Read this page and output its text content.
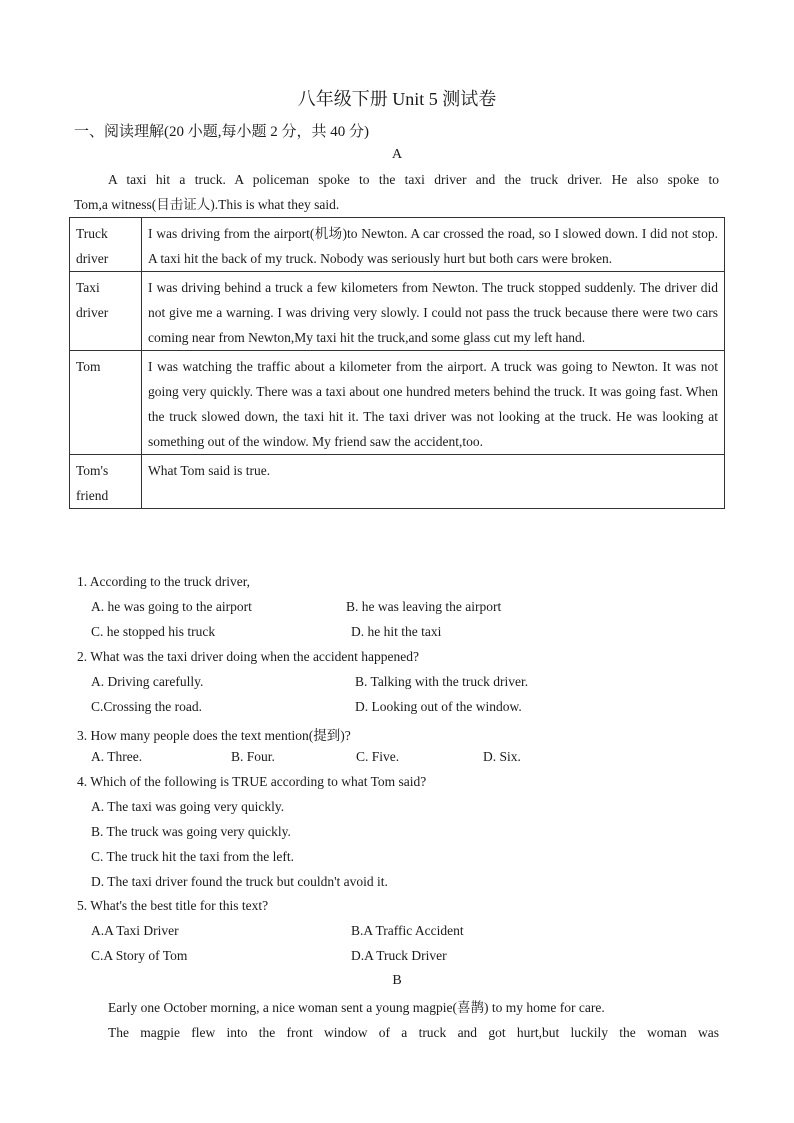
八年级下册 Unit 5 测试卷
一、阅读理解(20 小题,每小题 2 分，共 40 分)
A
A taxi hit a truck. A policeman spoke to the taxi driver and the truck driver. He also spoke to
Tom,a witness(目击证人).This is what they said.
Truck
driver	I was driving from the airport(机场)to Newton. A car crossed the road, so I slowed down. I did not stop. A taxi hit the back of my truck. Nobody was seriously hurt but both cars were broken.
Taxi
driver	I was driving behind a truck a few kilometers from Newton. The truck stopped suddenly. The driver did not give me a warning. I was driving very slowly. I could not pass the truck because there were two cars coming near from Newton,My taxi hit the truck,and some glass cut my left hand.
Tom	I was watching the traffic about a kilometer from the airport. A truck was going to Newton. It was not going very quickly. There was a taxi about one hundred meters behind the truck. It was going fast. When the truck slowed down, the taxi hit it. The taxi driver was not looking at the truck. He was looking at something out of the window. My friend saw the accident,too.
Tom's
friend	What Tom said is true.
1. According to the truck driver,
A. he was going to the airport	B. he was leaving the airport
C. he stopped his truck	D. he hit the taxi
2. What was the taxi driver doing when the accident happened?
A. Driving carefully.	B. Talking with the truck driver.
C.Crossing the road.	D. Looking out of the window.
3. How many people does the text mention(提到)?
A. Three.	B. Four.	C. Five.	D. Six.
4. Which of the following is TRUE according to what Tom said?
A. The taxi was going very quickly.
B. The truck was going very quickly.
C. The truck hit the taxi from the left.
D. The taxi driver found the truck but couldn't avoid it.
5. What's the best title for this text?
A.A Taxi Driver	B.A Traffic Accident
C.A Story of Tom	D.A Truck Driver
B
Early one October morning, a nice woman sent a young magpie(喜鹊) to my home for care.
The magpie flew into the front window of a truck and got hurt,but luckily the woman was
